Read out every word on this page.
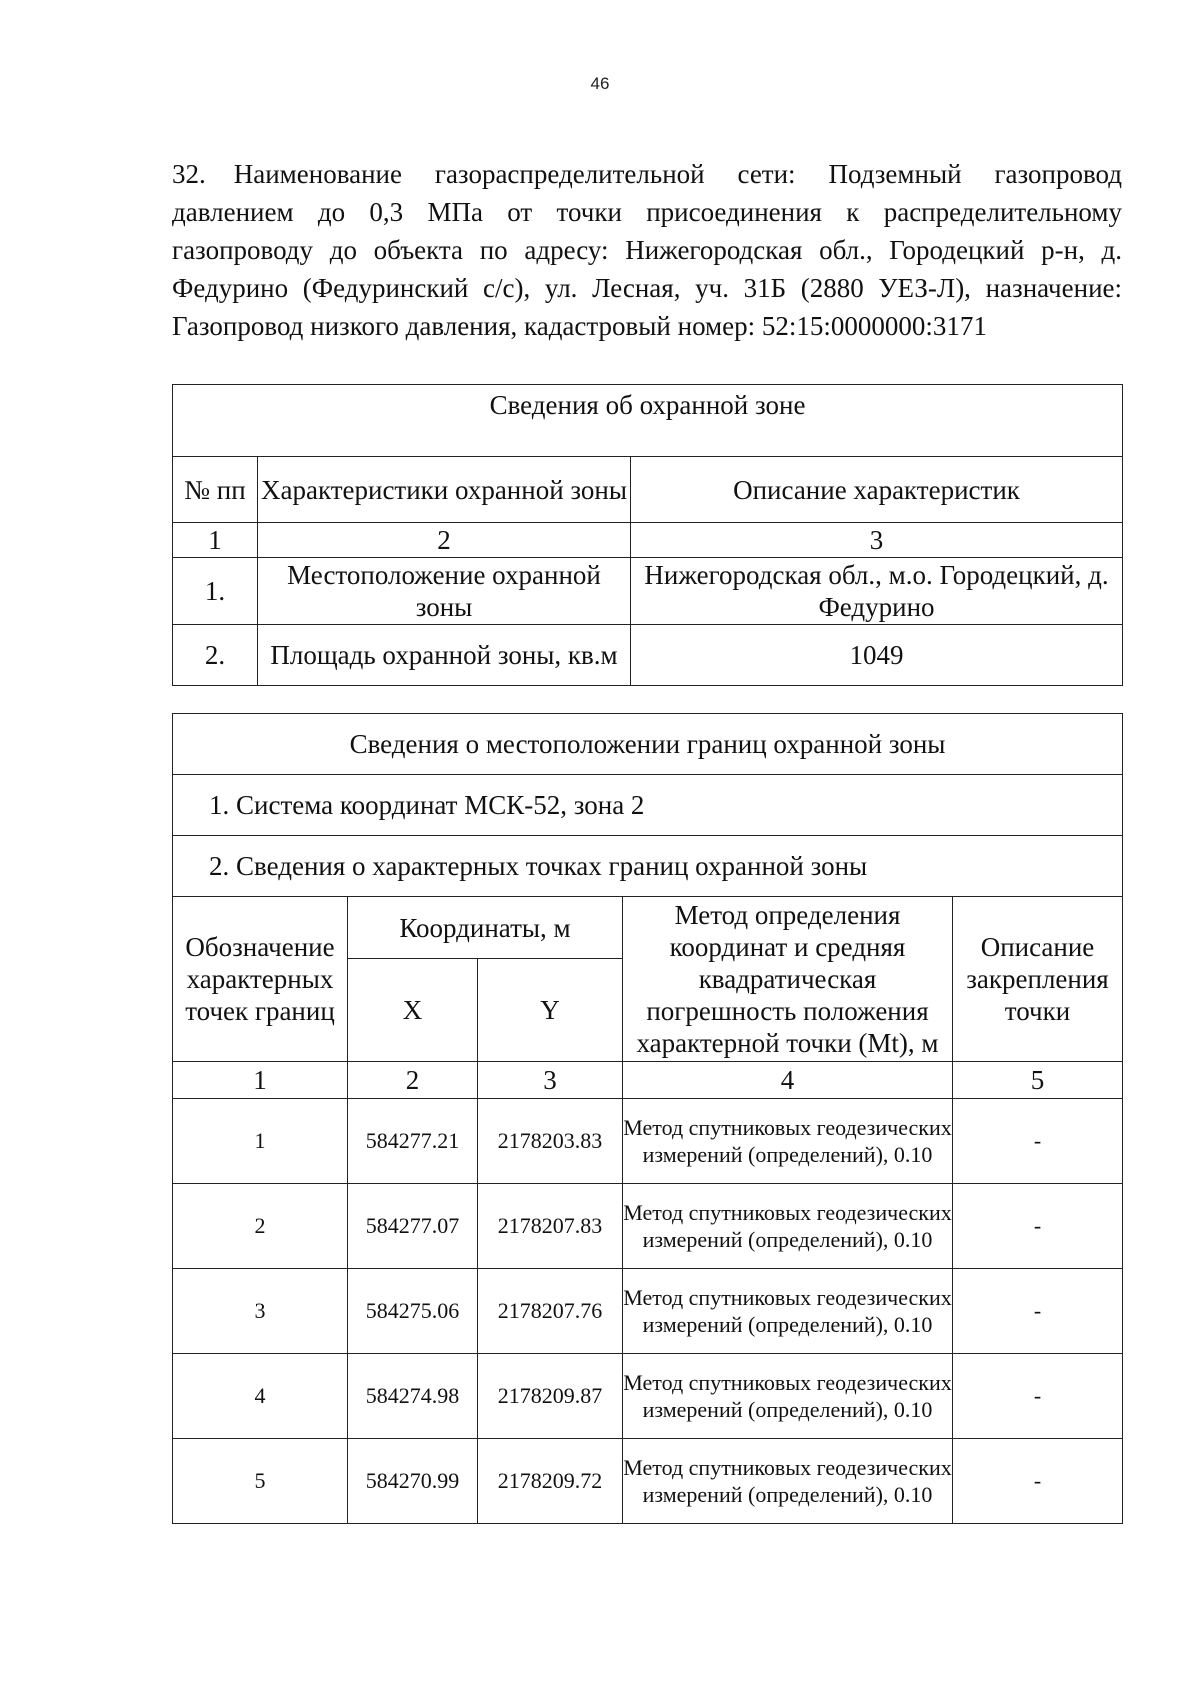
46

32. Наименование газораспределительной сети: Подземный газопровод давлением до 0,3 МПа от точки присоединения к распределительному газопроводу до объекта по адресу: Нижегородская обл., Городецкий р-н, д. Федурино (Федуринский с/с), ул. Лесная, уч. 31Б (2880 УЕЗ-Л), назначение: Газопровод низкого давления, кадастровый номер: 52:15:0000000:3171

Сведения об охранной зоне		
№ пп	Характеристики охранной зоны	Описание характеристик
1	2	3
1.	Местоположение охранной зоны	Нижегородская обл., м.о. Городецкий, д. Федурино
2.	Площадь охранной зоны, кв.м	1049
Сведения о местоположении границ охранной зоны				
1. Система координат МСК-52, зона 2				
2. Сведения о характерных точках границ охранной зоны				
Обозначение характерных точек границ	Координаты, м		Метод определения координат и средняя квадратическая погрешность положения характерной точки (Mt), м	Описание закрепления точки
	X	Y		
1	2	3	4	5
1	584277.21	2178203.83	Метод спутниковых геодезических измерений (определений), 0.10	-
2	584277.07	2178207.83	Метод спутниковых геодезических измерений (определений), 0.10	-
3	584275.06	2178207.76	Метод спутниковых геодезических измерений (определений), 0.10	-
4	584274.98	2178209.87	Метод спутниковых геодезических измерений (определений), 0.10	-
5	584270.99	2178209.72	Метод спутниковых геодезических измерений (определений), 0.10	-
